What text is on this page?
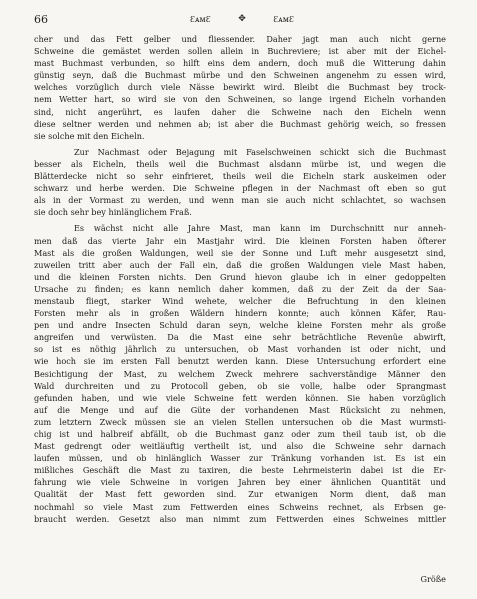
66	ƐᴀᴍƐ	✥	ƐᴀᴍƐ
cher und das Fett gelber und fliessender. Daher jagt man auch nicht gerne
Schweine die gemästet werden sollen allein in Buchreviere; ist aber mit der Eichel-
mast Buchmast verbunden, so hilft eins dem andern, doch muß die Witterung dahin
günstig seyn, daß die Buchmast mürbe und den Schweinen angenehm zu essen wird,
welches vorzüglich durch viele Nässe bewirkt wird. Bleibt die Buchmast bey trock-
nem Wetter hart, so wird sie von den Schweinen, so lange irgend Eicheln vorhanden
sind, nicht angerührt, es laufen daher die Schweine nach den Eicheln wenn
diese seltner werden und nehmen ab; ist aber die Buchmast gehörig weich, so fressen
sie solche mit den Eicheln.
Zur Nachmast oder Bejagung mit Faselschweinen schickt sich die Buchmast
besser als Eicheln, theils weil die Buchmast alsdann mürbe ist, und wegen die
Blätterdecke nicht so sehr einfrieret, theils weil die Eicheln stark auskeimen oder
schwarz und herbe werden. Die Schweine pflegen in der Nachmast oft eben so gut
als in der Vormast zu werden, und wenn man sie auch nicht schlachtet, so wachsen
sie doch sehr bey hinlänglichem Fraß.
Es wächst nicht alle Jahre Mast, man kann im Durchschnitt nur anneh-
men daß das vierte Jahr ein Mastjahr wird. Die kleinen Forsten haben öfterer
Mast als die großen Waldungen, weil sie der Sonne und Luft mehr ausgesetzt sind,
zuweilen tritt aber auch der Fall ein, daß die großen Waldungen viele Mast haben,
und die kleinen Forsten nichts. Den Grund hievon glaube ich in einer gedoppelten
Ursache zu finden; es kann nemlich daher kommen, daß zu der Zeit da der Saa-
menstaub fliegt, starker Wind wehete, welcher die Befruchtung in den kleinen
Forsten mehr als in großen Wäldern hindern konnte; auch können Käfer, Rau-
pen und andre Insecten Schuld daran seyn, welche kleine Forsten mehr als große
angreifen und verwüsten. Da die Mast eine sehr beträchtliche Revenüe abwirft,
so ist es nöthig jährlich zu untersuchen, ob Mast vorhanden ist oder nicht, und
wie hoch sie im ersten Fall benutzt werden kann. Diese Untersuchung erfordert eine
Besichtigung der Mast, zu welchem Zweck mehrere sachverständige Männer den
Wald durchreiten und zu Protocoll geben, ob sie volle, halbe oder Sprangmast
gefunden haben, und wie viele Schweine fett werden können. Sie haben vorzüglich
auf die Menge und auf die Güte der vorhandenen Mast Rücksicht zu nehmen,
zum letztern Zweck müssen sie an vielen Stellen untersuchen ob die Mast wurmsti-
chig ist und halbreif abfällt, ob die Buchmast ganz oder zum theil taub ist, ob die
Mast gedrengt oder weitläuftig vertheilt ist, und also die Schweine sehr darnach
laufen müssen, und ob hinlänglich Wasser zur Tränkung vorhanden ist. Es ist ein
mißliches Geschäft die Mast zu taxiren, die beste Lehrmeisterin dabei ist die Er-
fahrung wie viele Schweine in vorigen Jahren bey einer ähnlichen Quantität und
Qualität der Mast fett geworden sind. Zur etwanigen Norm dient, daß man
nochmahl so viele Mast zum Fettwerden eines Schweins rechnet, als Erbsen ge-
braucht werden. Gesetzt also man nimmt zum Fettwerden eines Schweines mittler
Größe
